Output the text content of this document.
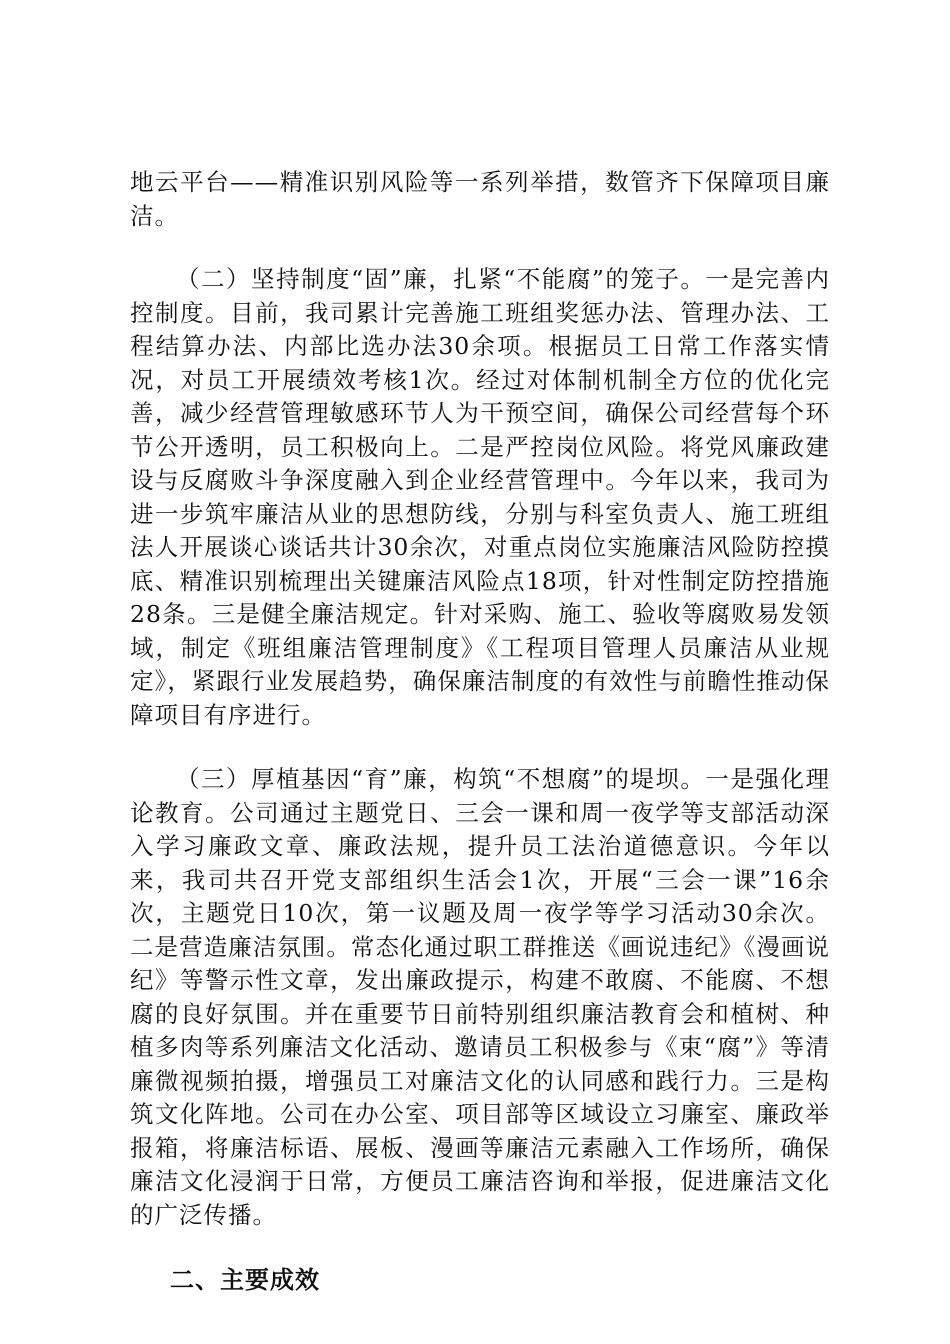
地云平台——精准识别风险等一系列举措，数管齐下保障项目廉洁。

（二）坚持制度“固”廉，扎紧“不能腐”的笼子。一是完善内控制度。目前，我司累计完善施工班组奖惩办法、管理办法、工程结算办法、内部比选办法30余项。根据员工日常工作落实情况，对员工开展绩效考核1次。经过对体制机制全方位的优化完善，减少经营管理敏感环节人为干预空间，确保公司经营每个环节公开透明，员工积极向上。二是严控岗位风险。将党风廉政建设与反腐败斗争深度融入到企业经营管理中。今年以来，我司为进一步筑牢廉洁从业的思想防线，分别与科室负责人、施工班组法人开展谈心谈话共计30余次，对重点岗位实施廉洁风险防控摸底、精准识别梳理出关键廉洁风险点18项，针对性制定防控措施28条。三是健全廉洁规定。针对采购、施工、验收等腐败易发领域，制定《班组廉洁管理制度》《工程项目管理人员廉洁从业规定》，紧跟行业发展趋势，确保廉洁制度的有效性与前瞻性推动保障项目有序进行。

（三）厚植基因“育”廉，构筑“不想腐”的堤坝。一是强化理论教育。公司通过主题党日、三会一课和周一夜学等支部活动深入学习廉政文章、廉政法规，提升员工法治道德意识。今年以来，我司共召开党支部组织生活会1次，开展“三会一课”16余次，主题党日10次，第一议题及周一夜学等学习活动30余次。二是营造廉洁氛围。常态化通过职工群推送《画说违纪》《漫画说纪》等警示性文章，发出廉政提示，构建不敢腐、不能腐、不想腐的良好氛围。并在重要节日前特别组织廉洁教育会和植树、种植多肉等系列廉洁文化活动、邀请员工积极参与《束“腐”》等清廉微视频拍摄，增强员工对廉洁文化的认同感和践行力。三是构筑文化阵地。公司在办公室、项目部等区域设立习廉室、廉政举报箱，将廉洁标语、展板、漫画等廉洁元素融入工作场所，确保廉洁文化浸润于日常，方便员工廉洁咨询和举报，促进廉洁文化的广泛传播。

二、主要成效
